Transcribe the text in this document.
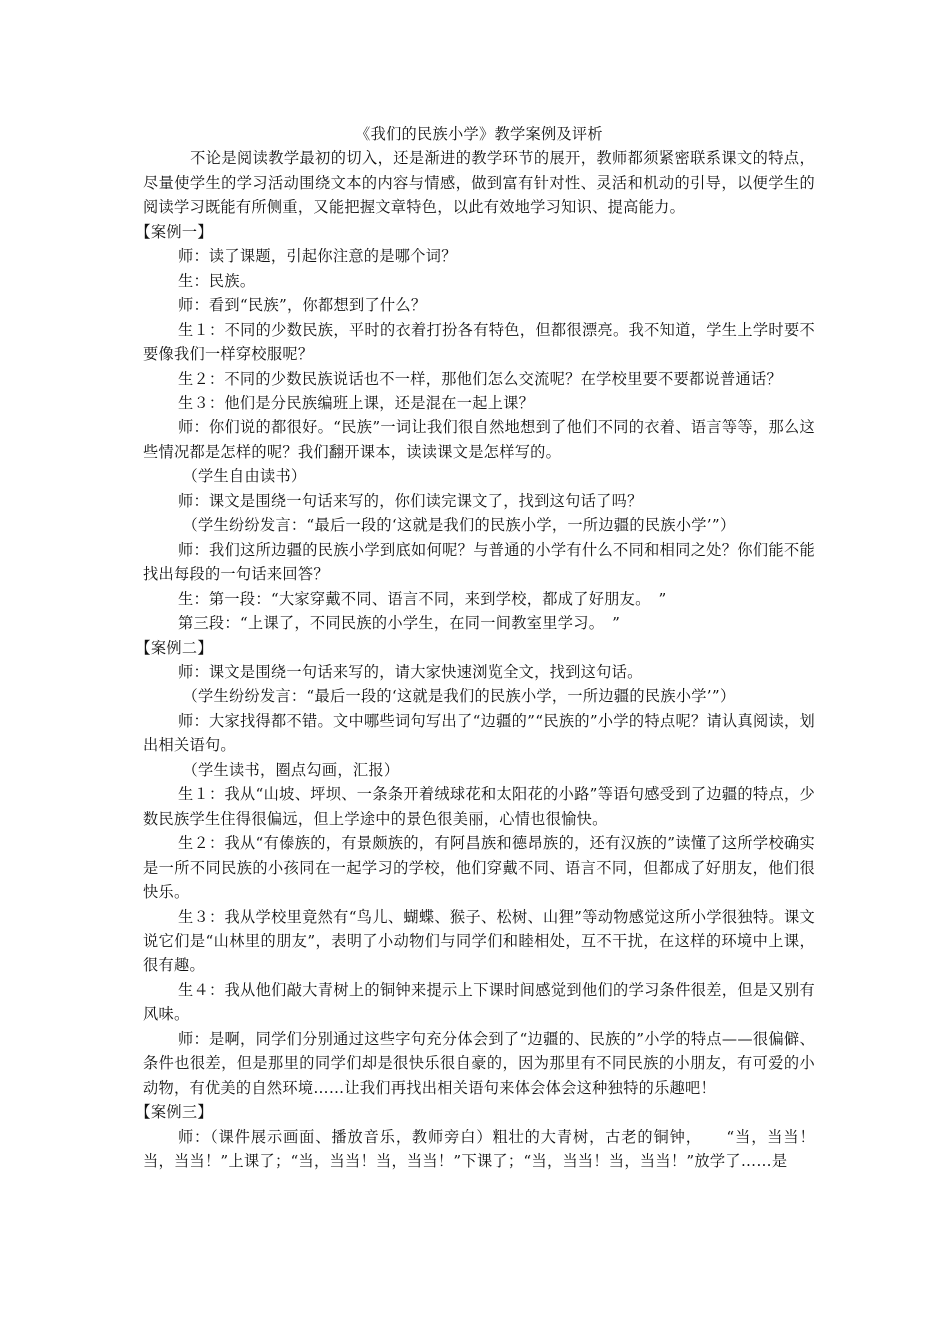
《我们的民族小学》教学案例及评析

不论是阅读教学最初的切入，还是渐进的教学环节的展开，教师都须紧密联系课文的特点，尽量使学生的学习活动围绕文本的内容与情感，做到富有针对性、灵活和机动的引导，以便学生的阅读学习既能有所侧重，又能把握文章特色，以此有效地学习知识、提高能力。

【案例一】

师：读了课题，引起你注意的是哪个词？

生：民族。

师：看到“民族”，你都想到了什么？

生１：不同的少数民族，平时的衣着打扮各有特色，但都很漂亮。我不知道，学生上学时要不要像我们一样穿校服呢？

生２：不同的少数民族说话也不一样，那他们怎么交流呢？在学校里要不要都说普通话？

生３：他们是分民族编班上课，还是混在一起上课？

师：你们说的都很好。“民族”一词让我们很自然地想到了他们不同的衣着、语言等等，那么这些情况都是怎样的呢？我们翻开课本，读读课文是怎样写的。

（学生自由读书）

师：课文是围绕一句话来写的，你们读完课文了，找到这句话了吗？

（学生纷纷发言：“最后一段的‘这就是我们的民族小学，一所边疆的民族小学’”）

师：我们这所边疆的民族小学到底如何呢？与普通的小学有什么不同和相同之处？你们能不能找出每段的一句话来回答？

生：第一段：“大家穿戴不同、语言不同，来到学校，都成了好朋友。　”

第三段：“上课了，不同民族的小学生，在同一间教室里学习。　”

【案例二】

师：课文是围绕一句话来写的，请大家快速浏览全文，找到这句话。

（学生纷纷发言：“最后一段的‘这就是我们的民族小学，一所边疆的民族小学’”）

师：大家找得都不错。文中哪些词句写出了“边疆的”“民族的”小学的特点呢？请认真阅读，划出相关语句。

（学生读书，圈点勾画，汇报）

生１：我从“山坡、坪坝、一条条开着绒球花和太阳花的小路”等语句感受到了边疆的特点，少数民族学生住得很偏远，但上学途中的景色很美丽，心情也很愉快。

生２：我从“有傣族的，有景颇族的，有阿昌族和德昂族的，还有汉族的”读懂了这所学校确实是一所不同民族的小孩同在一起学习的学校，他们穿戴不同、语言不同，但都成了好朋友，他们很快乐。

生３：我从学校里竟然有“鸟儿、蝴蝶、猴子、松树、山狸”等动物感觉这所小学很独特。课文说它们是“山林里的朋友”，表明了小动物们与同学们和睦相处，互不干扰，在这样的环境中上课，很有趣。

生４：我从他们敲大青树上的铜钟来提示上下课时间感觉到他们的学习条件很差，但是又别有风味。

师：是啊，同学们分别通过这些字句充分体会到了“边疆的、民族的”小学的特点——很偏僻、条件也很差，但是那里的同学们却是很快乐很自豪的，因为那里有不同民族的小朋友，有可爱的小动物，有优美的自然环境……让我们再找出相关语句来体会体会这种独特的乐趣吧！

【案例三】

师：（课件展示画面、播放音乐，教师旁白）粗壮的大青树，古老的铜钟，　　“当，当当！当，当当！”上课了；“当，当当！当，当当！”下课了；“当，当当！当，当当！”放学了……是
